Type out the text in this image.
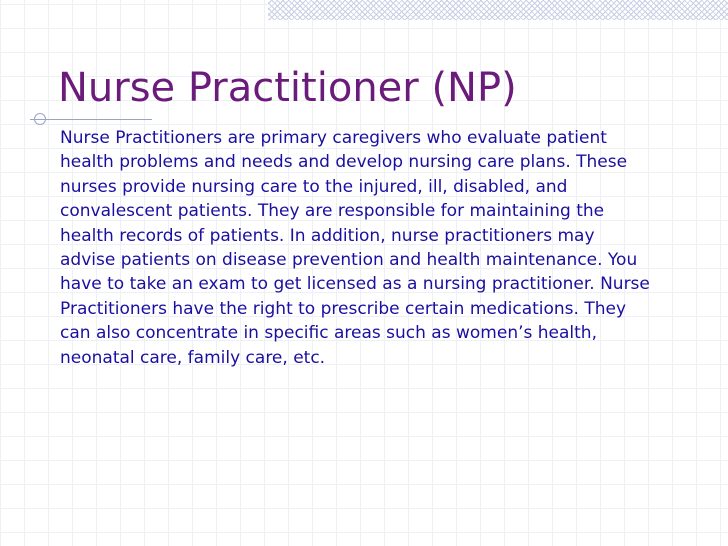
Nurse Practitioner (NP)

Nurse Practitioners are primary caregivers who evaluate patient health problems and needs and develop nursing care plans. These nurses provide nursing care to the injured, ill, disabled, and convalescent patients. They are responsible for maintaining the health records of patients. In addition, nurse practitioners may advise patients on disease prevention and health maintenance. You have to take an exam to get licensed as a nursing practitioner. Nurse Practitioners have the right to prescribe certain medications. They can also concentrate in specific areas such as women’s health, neonatal care, family care, etc.
